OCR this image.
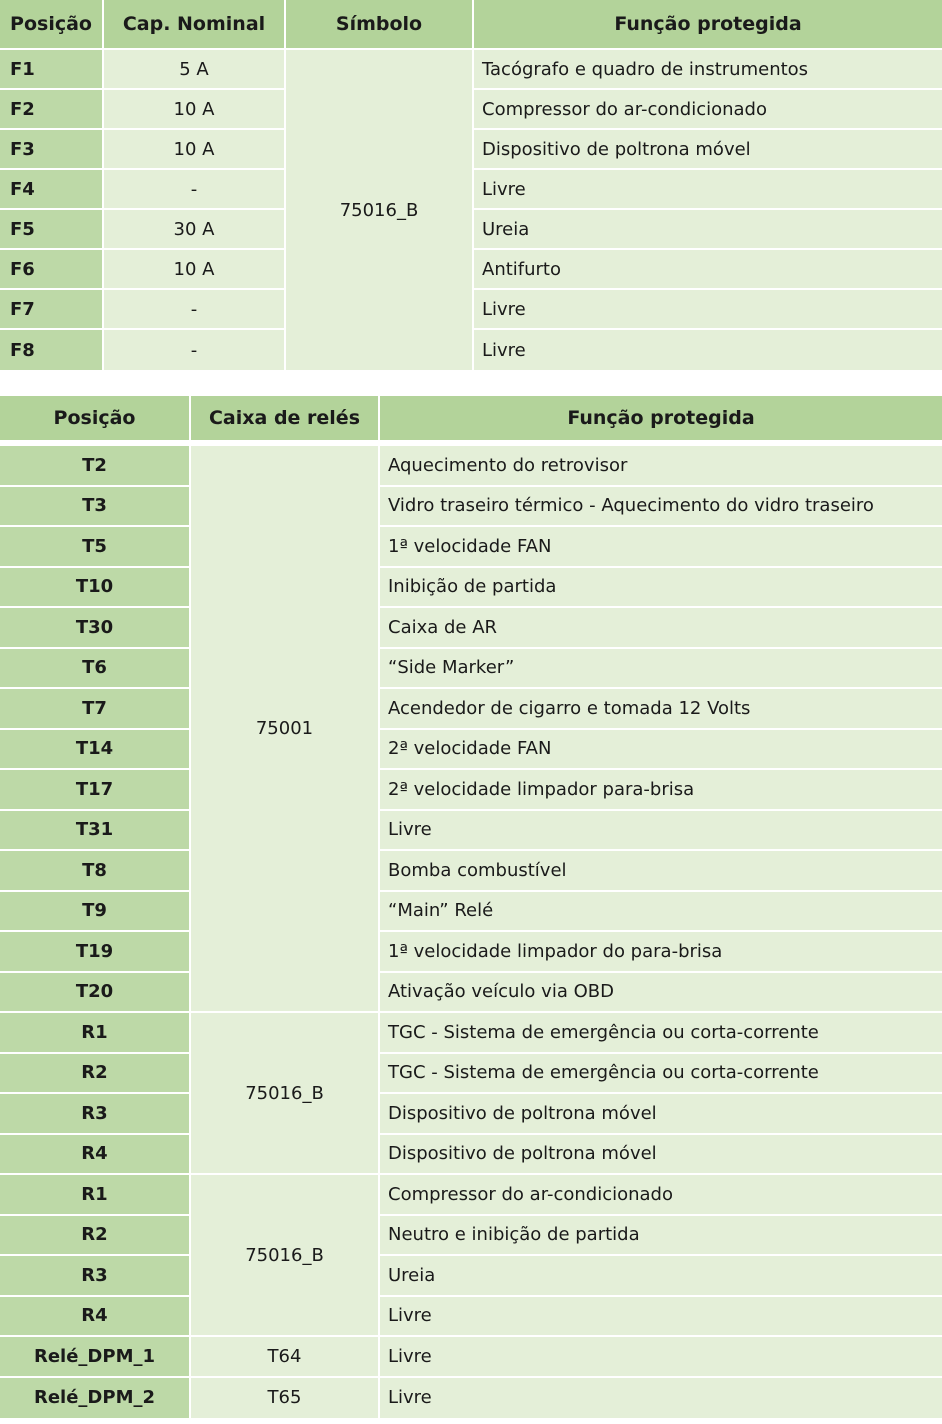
Posição	Cap. Nominal	Símbolo	Função protegida
F1	5 A	75016_B	Tacógrafo e quadro de instrumentos
F2	10 A		Compressor do ar-condicionado
F3	10 A		Dispositivo de poltrona móvel
F4	-		Livre
F5	30 A		Ureia
F6	10 A		Antifurto
F7	-		Livre
F8	-		Livre
Posição	Caixa de relés	Função protegida
T2	75001	Aquecimento do retrovisor
T3		Vidro traseiro térmico - Aquecimento do vidro traseiro
T5		1ª velocidade FAN
T10		Inibição de partida
T30		Caixa de AR
T6		“Side Marker”
T7		Acendedor de cigarro e tomada 12 Volts
T14		2ª velocidade FAN
T17		2ª velocidade limpador para-brisa
T31		Livre
T8		Bomba combustível
T9		“Main” Relé
T19		1ª velocidade limpador do para-brisa
T20		Ativação veículo via OBD
R1	75016_B	TGC - Sistema de emergência ou corta-corrente
R2		TGC - Sistema de emergência ou corta-corrente
R3		Dispositivo de poltrona móvel
R4		Dispositivo de poltrona móvel
R1	75016_B	Compressor do ar-condicionado
R2		Neutro e inibição de partida
R3		Ureia
R4		Livre
Relé_DPM_1	T64	Livre
Relé_DPM_2	T65	Livre
